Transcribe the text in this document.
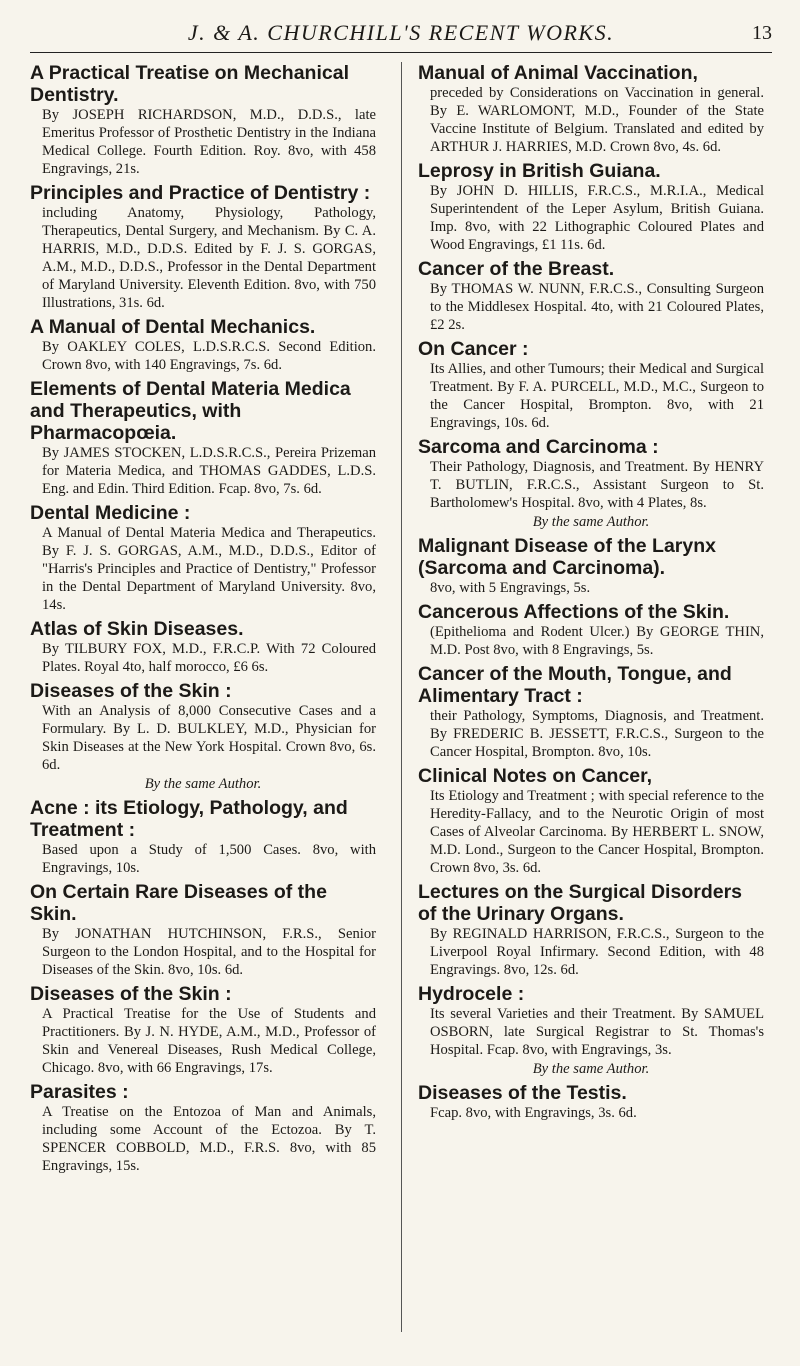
J. & A. CHURCHILL'S RECENT WORKS.	13
A Practical Treatise on Mechanical Dentistry.
By JOSEPH RICHARDSON, M.D., D.D.S., late Emeritus Professor of Prosthetic Dentistry in the Indiana Medical College. Fourth Edition. Roy. 8vo, with 458 Engravings, 21s.
Principles and Practice of Dentistry :
including Anatomy, Physiology, Pathology, Therapeutics, Dental Surgery, and Mechanism. By C. A. HARRIS, M.D., D.D.S. Edited by F. J. S. GORGAS, A.M., M.D., D.D.S., Professor in the Dental Department of Maryland University. Eleventh Edition. 8vo, with 750 Illustrations, 31s. 6d.
A Manual of Dental Mechanics.
By OAKLEY COLES, L.D.S.R.C.S. Second Edition. Crown 8vo, with 140 Engravings, 7s. 6d.
Elements of Dental Materia Medica and Therapeutics, with Pharmacopœia.
By JAMES STOCKEN, L.D.S.R.C.S., Pereira Prizeman for Materia Medica, and THOMAS GADDES, L.D.S. Eng. and Edin. Third Edition. Fcap. 8vo, 7s. 6d.
Dental Medicine :
A Manual of Dental Materia Medica and Therapeutics. By F. J. S. GORGAS, A.M., M.D., D.D.S., Editor of "Harris's Principles and Practice of Dentistry," Professor in the Dental Department of Maryland University. 8vo, 14s.
Atlas of Skin Diseases.
By TILBURY FOX, M.D., F.R.C.P. With 72 Coloured Plates. Royal 4to, half morocco, £6 6s.
Diseases of the Skin :
With an Analysis of 8,000 Consecutive Cases and a Formulary. By L. D. BULKLEY, M.D., Physician for Skin Diseases at the New York Hospital. Crown 8vo, 6s. 6d.
By the same Author.
Acne : its Etiology, Pathology, and Treatment :
Based upon a Study of 1,500 Cases. 8vo, with Engravings, 10s.
On Certain Rare Diseases of the Skin.
By JONATHAN HUTCHINSON, F.R.S., Senior Surgeon to the London Hospital, and to the Hospital for Diseases of the Skin. 8vo, 10s. 6d.
Diseases of the Skin :
A Practical Treatise for the Use of Students and Practitioners. By J. N. HYDE, A.M., M.D., Professor of Skin and Venereal Diseases, Rush Medical College, Chicago. 8vo, with 66 Engravings, 17s.
Parasites :
A Treatise on the Entozoa of Man and Animals, including some Account of the Ectozoa. By T. SPENCER COBBOLD, M.D., F.R.S. 8vo, with 85 Engravings, 15s.
Manual of Animal Vaccination,
preceded by Considerations on Vaccination in general. By E. WARLOMONT, M.D., Founder of the State Vaccine Institute of Belgium. Translated and edited by ARTHUR J. HARRIES, M.D. Crown 8vo, 4s. 6d.
Leprosy in British Guiana.
By JOHN D. HILLIS, F.R.C.S., M.R.I.A., Medical Superintendent of the Leper Asylum, British Guiana. Imp. 8vo, with 22 Lithographic Coloured Plates and Wood Engravings, £1 11s. 6d.
Cancer of the Breast.
By THOMAS W. NUNN, F.R.C.S., Consulting Surgeon to the Middlesex Hospital. 4to, with 21 Coloured Plates, £2 2s.
On Cancer :
Its Allies, and other Tumours; their Medical and Surgical Treatment. By F. A. PURCELL, M.D., M.C., Surgeon to the Cancer Hospital, Brompton. 8vo, with 21 Engravings, 10s. 6d.
Sarcoma and Carcinoma :
Their Pathology, Diagnosis, and Treatment. By HENRY T. BUTLIN, F.R.C.S., Assistant Surgeon to St. Bartholomew's Hospital. 8vo, with 4 Plates, 8s.
By the same Author.
Malignant Disease of the Larynx (Sarcoma and Carcinoma).
8vo, with 5 Engravings, 5s.
Cancerous Affections of the Skin.
(Epithelioma and Rodent Ulcer.) By GEORGE THIN, M.D. Post 8vo, with 8 Engravings, 5s.
Cancer of the Mouth, Tongue, and Alimentary Tract :
their Pathology, Symptoms, Diagnosis, and Treatment. By FREDERIC B. JESSETT, F.R.C.S., Surgeon to the Cancer Hospital, Brompton. 8vo, 10s.
Clinical Notes on Cancer,
Its Etiology and Treatment ; with special reference to the Heredity-Fallacy, and to the Neurotic Origin of most Cases of Alveolar Carcinoma. By HERBERT L. SNOW, M.D. Lond., Surgeon to the Cancer Hospital, Brompton. Crown 8vo, 3s. 6d.
Lectures on the Surgical Disorders of the Urinary Organs.
By REGINALD HARRISON, F.R.C.S., Surgeon to the Liverpool Royal Infirmary. Second Edition, with 48 Engravings. 8vo, 12s. 6d.
Hydrocele :
Its several Varieties and their Treatment. By SAMUEL OSBORN, late Surgical Registrar to St. Thomas's Hospital. Fcap. 8vo, with Engravings, 3s.
By the same Author.
Diseases of the Testis.
Fcap. 8vo, with Engravings, 3s. 6d.
